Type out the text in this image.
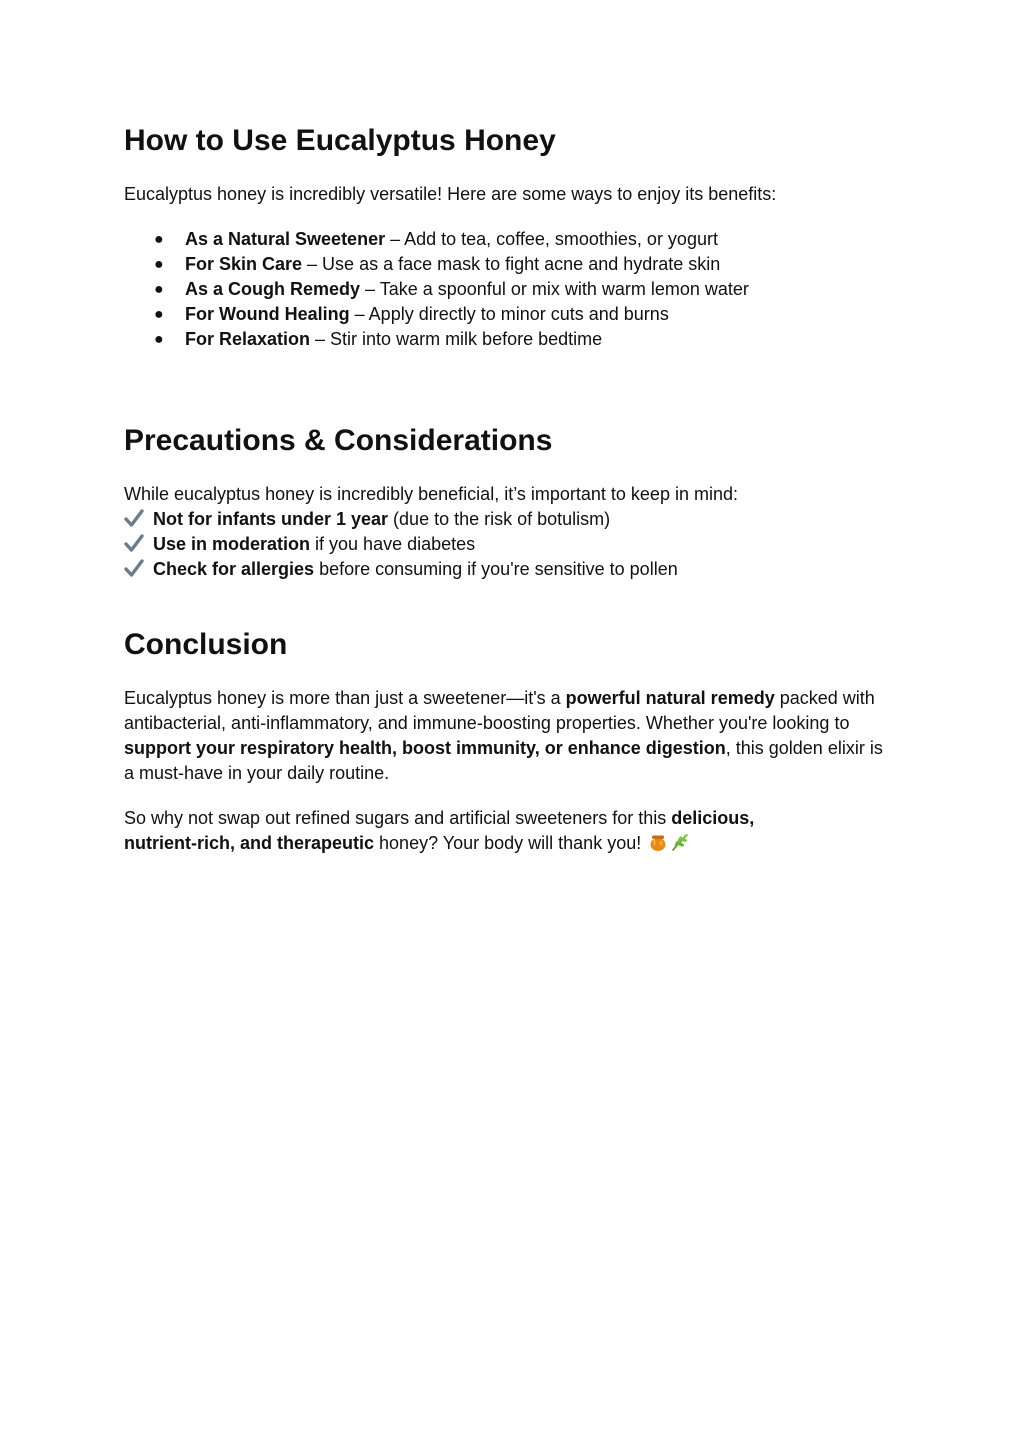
How to Use Eucalyptus Honey

Eucalyptus honey is incredibly versatile! Here are some ways to enjoy its benefits:

● As a Natural Sweetener – Add to tea, coffee, smoothies, or yogurt
● For Skin Care – Use as a face mask to fight acne and hydrate skin
● As a Cough Remedy – Take a spoonful or mix with warm lemon water
● For Wound Healing – Apply directly to minor cuts and burns
● For Relaxation – Stir into warm milk before bedtime
Precautions & Considerations

While eucalyptus honey is incredibly beneficial, it’s important to keep in mind:

Not for infants under 1 year (due to the risk of botulism)
Use in moderation if you have diabetes
Check for allergies before consuming if you're sensitive to pollen
Conclusion

Eucalyptus honey is more than just a sweetener—it's a powerful natural remedy packed with antibacterial, anti-inflammatory, and immune-boosting properties. Whether you're looking to support your respiratory health, boost immunity, or enhance digestion, this golden elixir is a must-have in your daily routine.

So why not swap out refined sugars and artificial sweeteners for this delicious, nutrient-rich, and therapeutic honey? Your body will thank you!
